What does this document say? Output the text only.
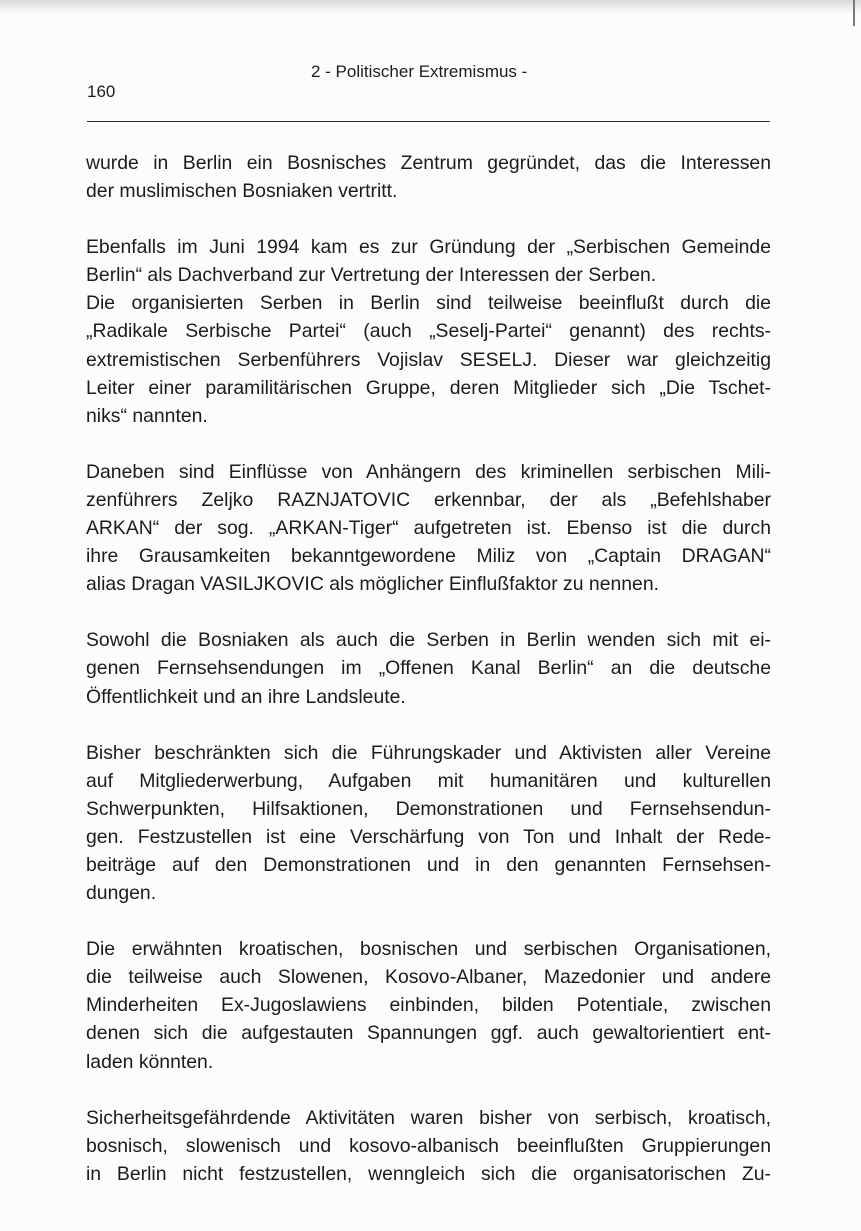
2 - Politischer Extremismus -
160
wurde in Berlin ein Bosnisches Zentrum gegründet, das die Interessen
der muslimischen Bosniaken vertritt.
Ebenfalls im Juni 1994 kam es zur Gründung der „Serbischen Gemeinde
Berlin“ als Dachverband zur Vertretung der Interessen der Serben.
Die organisierten Serben in Berlin sind teilweise beeinflußt durch die
„Radikale Serbische Partei“ (auch „Seselj-Partei“ genannt) des rechts-
extremistischen Serbenführers Vojislav SESELJ. Dieser war gleichzeitig
Leiter einer paramilitärischen Gruppe, deren Mitglieder sich „Die Tschet-
niks“ nannten.
Daneben sind Einflüsse von Anhängern des kriminellen serbischen Mili-
zenführers Zeljko RAZNJATOVIC erkennbar, der als „Befehlshaber
ARKAN“ der sog. „ARKAN-Tiger“ aufgetreten ist. Ebenso ist die durch
ihre Grausamkeiten bekanntgewordene Miliz von „Captain DRAGAN“
alias Dragan VASILJKOVIC als möglicher Einflußfaktor zu nennen.
Sowohl die Bosniaken als auch die Serben in Berlin wenden sich mit ei-
genen Fernsehsendungen im „Offenen Kanal Berlin“ an die deutsche
Öffentlichkeit und an ihre Landsleute.
Bisher beschränkten sich die Führungskader und Aktivisten aller Vereine
auf Mitgliederwerbung, Aufgaben mit humanitären und kulturellen
Schwerpunkten, Hilfsaktionen, Demonstrationen und Fernsehsendun-
gen. Festzustellen ist eine Verschärfung von Ton und Inhalt der Rede-
beiträge auf den Demonstrationen und in den genannten Fernsehsen-
dungen.
Die erwähnten kroatischen, bosnischen und serbischen Organisationen,
die teilweise auch Slowenen, Kosovo-Albaner, Mazedonier und andere
Minderheiten Ex-Jugoslawiens einbinden, bilden Potentiale, zwischen
denen sich die aufgestauten Spannungen ggf. auch gewaltorientiert ent-
laden könnten.
Sicherheitsgefährdende Aktivitäten waren bisher von serbisch, kroatisch,
bosnisch, slowenisch und kosovo-albanisch beeinflußten Gruppierungen
in Berlin nicht festzustellen, wenngleich sich die organisatorischen Zu-
